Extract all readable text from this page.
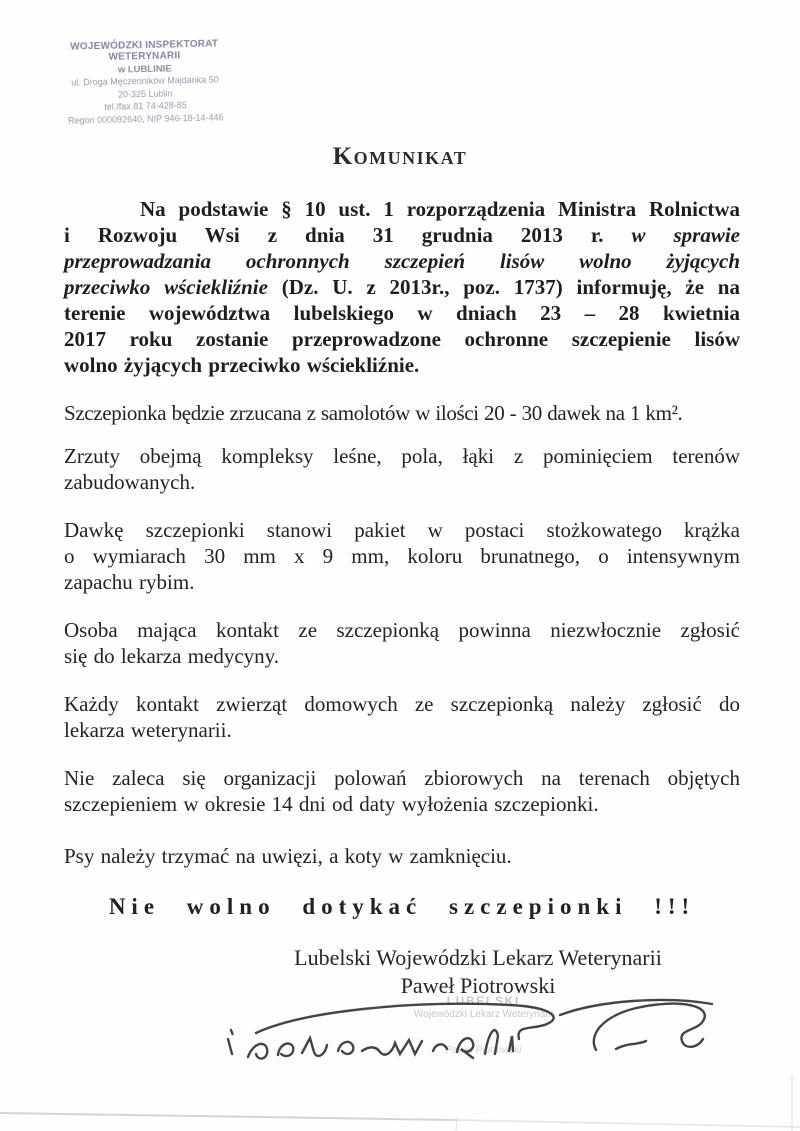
WOJEWÓDZKI INSPEKTORAT WETERYNARII
w LUBLINIE
ul. Droga Męczenników Majdanka 50
20-325 Lublin
tel./fax 81 74-428-85
Regon 000092640, NIP 946-18-14-446
Komunikat
Na podstawie § 10 ust. 1 rozporządzenia Ministra Rolnictwa
i Rozwoju Wsi z dnia 31 grudnia 2013 r. w sprawie
przeprowadzania ochronnych szczepień lisów wolno żyjących
przeciwko wściekliźnie (Dz. U. z 2013r., poz. 1737) informuję, że na
terenie województwa lubelskiego w dniach 23 – 28 kwietnia
2017 roku zostanie przeprowadzone ochronne szczepienie lisów
wolno żyjących przeciwko wściekliźnie.
Szczepionka będzie zrzucana z samolotów w ilości 20 - 30 dawek na 1 km².
Zrzuty obejmą kompleksy leśne, pola, łąki z pominięciem terenów
zabudowanych.
Dawkę szczepionki stanowi pakiet w postaci stożkowatego krążka
o wymiarach 30 mm x 9 mm, koloru brunatnego, o intensywnym
zapachu rybim.
Osoba mająca kontakt ze szczepionką powinna niezwłocznie zgłosić
się do lekarza medycyny.
Każdy kontakt zwierząt domowych ze szczepionką należy zgłosić do
lekarza weterynarii.
Nie zaleca się organizacji polowań zbiorowych na terenach objętych
szczepieniem w okresie 14 dni od daty wyłożenia szczepionki.
Psy należy trzymać na uwięzi, a koty w zamknięciu.
Nie wolno dotykać szczepionki !!!
Lubelski Wojewódzki Lekarz Weterynarii
Paweł Piotrowski
LUBELSKI
Wojewódzki Lekarz Weterynarii
Paweł Piotrowski
